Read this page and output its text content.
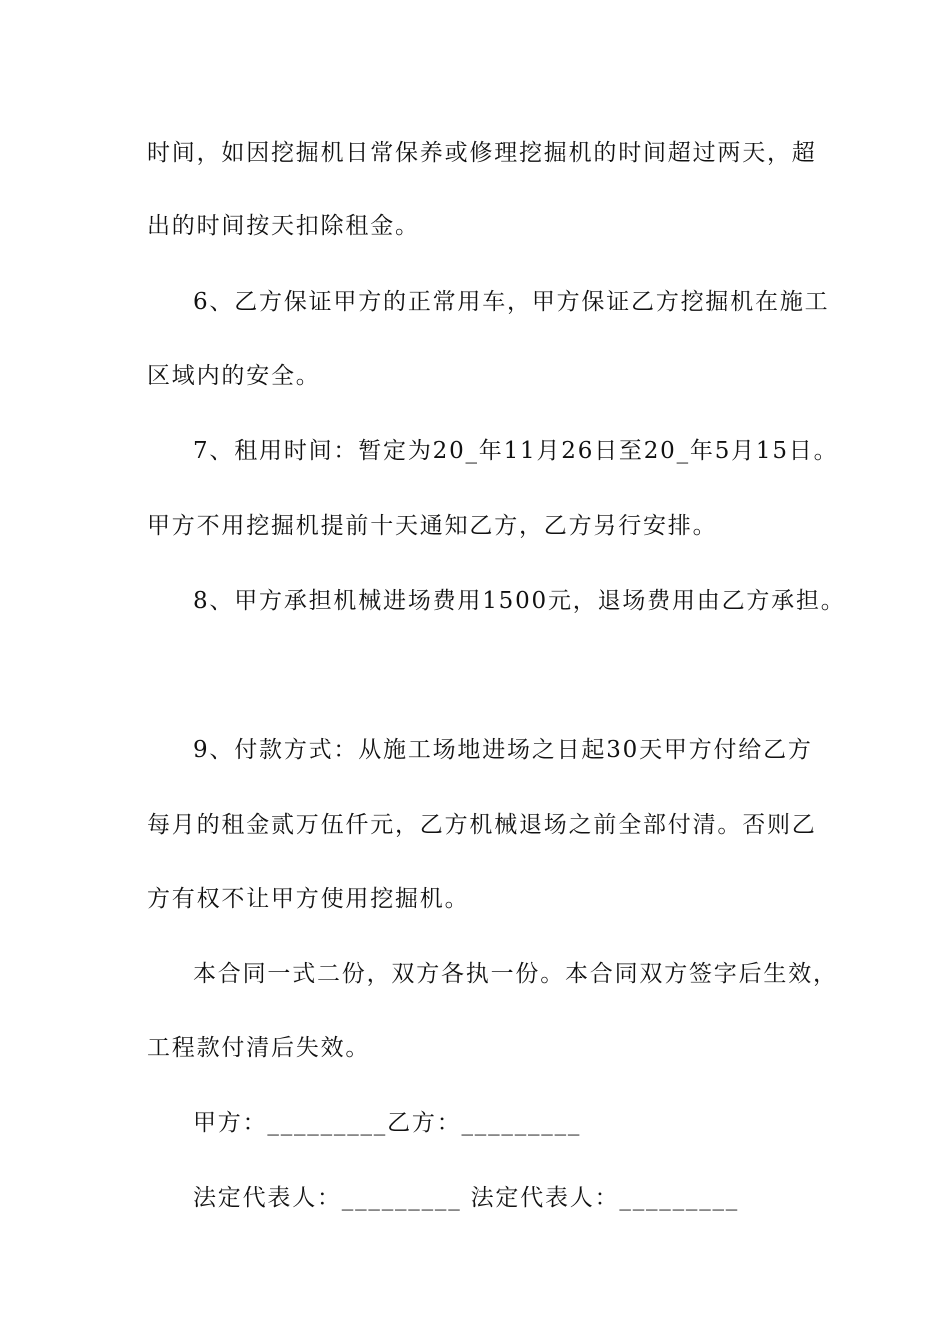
时间，如因挖掘机日常保养或修理挖掘机的时间超过两天，超
出的时间按天扣除租金。
6、乙方保证甲方的正常用车，甲方保证乙方挖掘机在施工
区域内的安全。
7、租用时间：暂定为20_年11月26日至20_年5月15日。
甲方不用挖掘机提前十天通知乙方，乙方另行安排。
8、甲方承担机械进场费用1500元，退场费用由乙方承担。
9、付款方式：从施工场地进场之日起30天甲方付给乙方
每月的租金贰万伍仟元，乙方机械退场之前全部付清。否则乙
方有权不让甲方使用挖掘机。
本合同一式二份，双方各执一份。本合同双方签字后生效，
工程款付清后失效。
甲方：_________乙方：_________
法定代表人：_________ 法定代表人：_________
